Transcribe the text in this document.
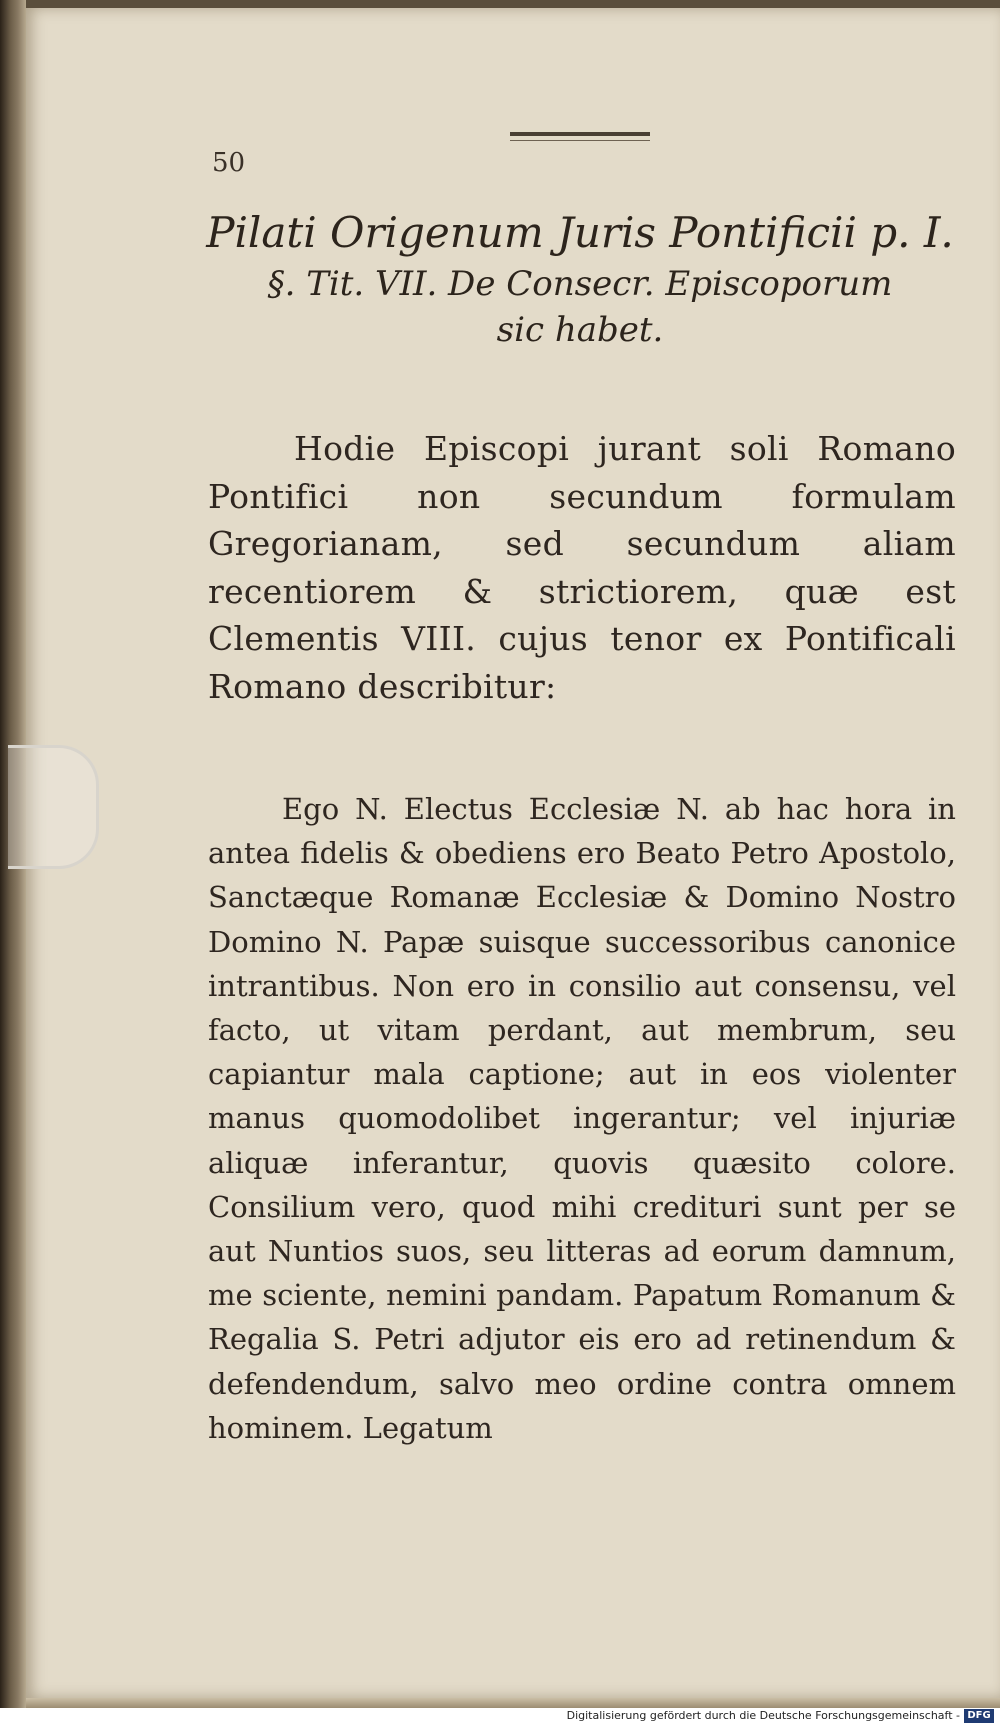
50
Pilati Origenum Juris Pontificii p. I.
§. Tit. VII. De Consecr. Episcoporum
sic habet.

Hodie Episcopi jurant soli Romano Pontifici non secundum formulam Gregorianam, sed secundum aliam recentiorem & strictiorem, quæ est Clementis VIII. cujus tenor ex Pontificali Romano describitur:

Ego N. Electus Ecclesiæ N. ab hac hora in antea fidelis & obediens ero Beato Petro Apostolo, Sanctæque Romanæ Ecclesiæ & Domino Nostro Domino N. Papæ suisque successoribus canonice intrantibus. Non ero in consilio aut consensu, vel facto, ut vitam perdant, aut membrum, seu capiantur mala captione; aut in eos violenter manus quomodolibet ingerantur; vel injuriæ aliquæ inferantur, quovis quæsito colore. Consilium vero, quod mihi credituri sunt per se aut Nuntios suos, seu litteras ad eorum damnum, me sciente, nemini pandam. Papatum Romanum & Regalia S. Petri adjutor eis ero ad retinendum & defendendum, salvo meo ordine contra omnem hominem. Legatum

Digitalisierung gefördert durch die Deutsche Forschungsgemeinschaft - DFG
